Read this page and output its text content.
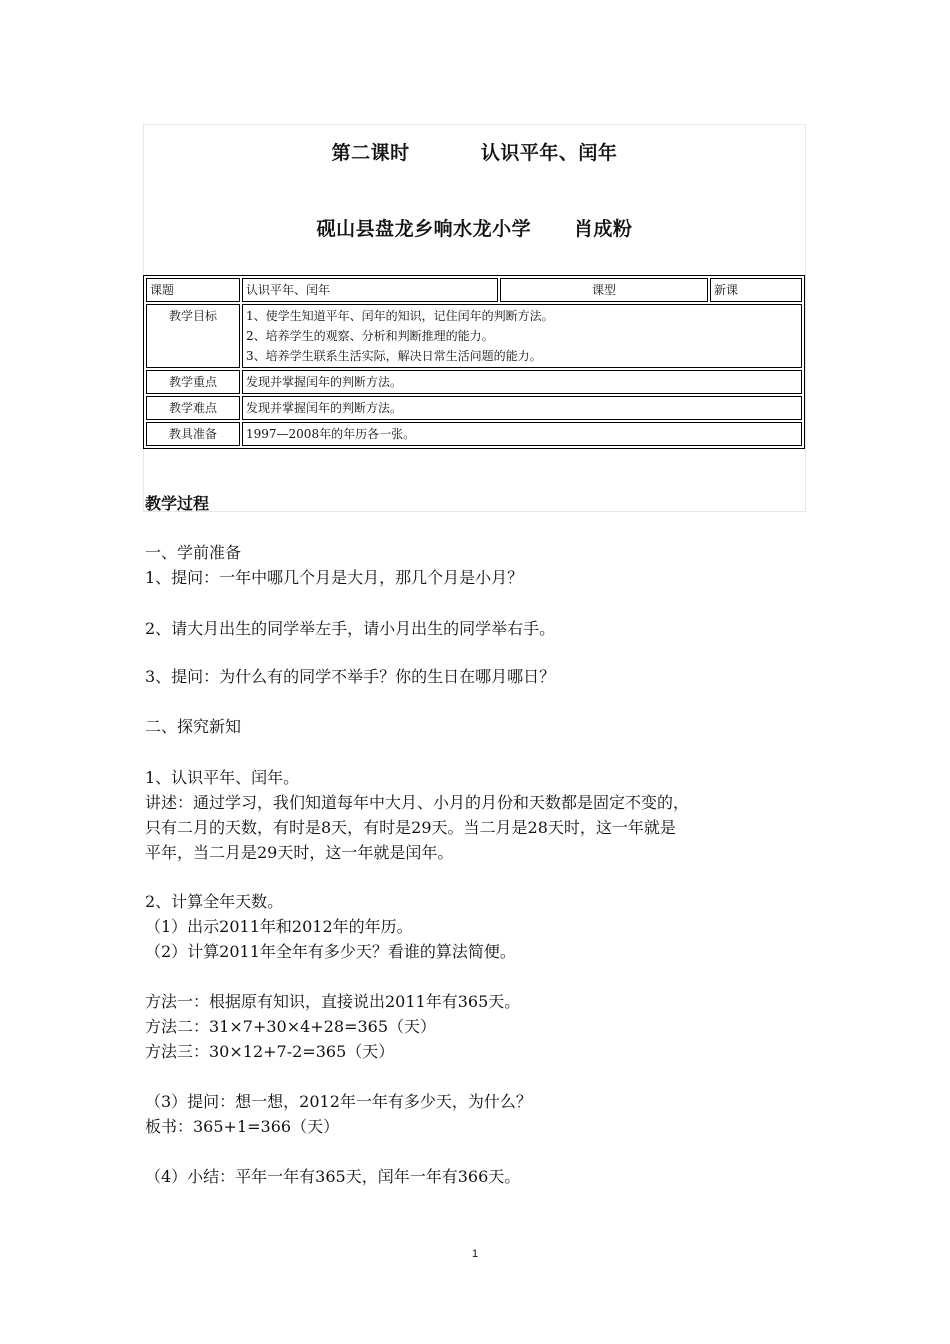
第二课时          认识平年、闰年
砚山县盘龙乡响水龙小学      肖成粉
课题	认识平年、闰年	课型	新课
教学目标	1、使学生知道平年、闰年的知识，记住闰年的判断方法。
2、培养学生的观察、分析和判断推理的能力。
3、培养学生联系生活实际，解决日常生活问题的能力。		

教学重点	发现并掌握闰年的判断方法。		
教学难点	发现并掌握闰年的判断方法。		
教具准备	1997—2008年的年历各一张。		
教学过程
一、学前准备
1、提问：一年中哪几个月是大月，那几个月是小月？
2、请大月出生的同学举左手，请小月出生的同学举右手。
3、提问：为什么有的同学不举手？你的生日在哪月哪日？
二、探究新知
1、认识平年、闰年。
讲述：通过学习，我们知道每年中大月、小月的月份和天数都是固定不变的，
只有二月的天数，有时是8天，有时是29天。当二月是28天时，这一年就是
平年，当二月是29天时，这一年就是闰年。
2、计算全年天数。
（1）出示2011年和2012年的年历。
（2）计算2011年全年有多少天？看谁的算法简便。
方法一：根据原有知识，直接说出2011年有365天。
方法二：31×7+30×4+28=365（天）
方法三：30×12+7-2=365（天）
（3）提问：想一想，2012年一年有多少天，为什么？
板书：365+1=366（天）
（4）小结：平年一年有365天，闰年一年有366天。
1
